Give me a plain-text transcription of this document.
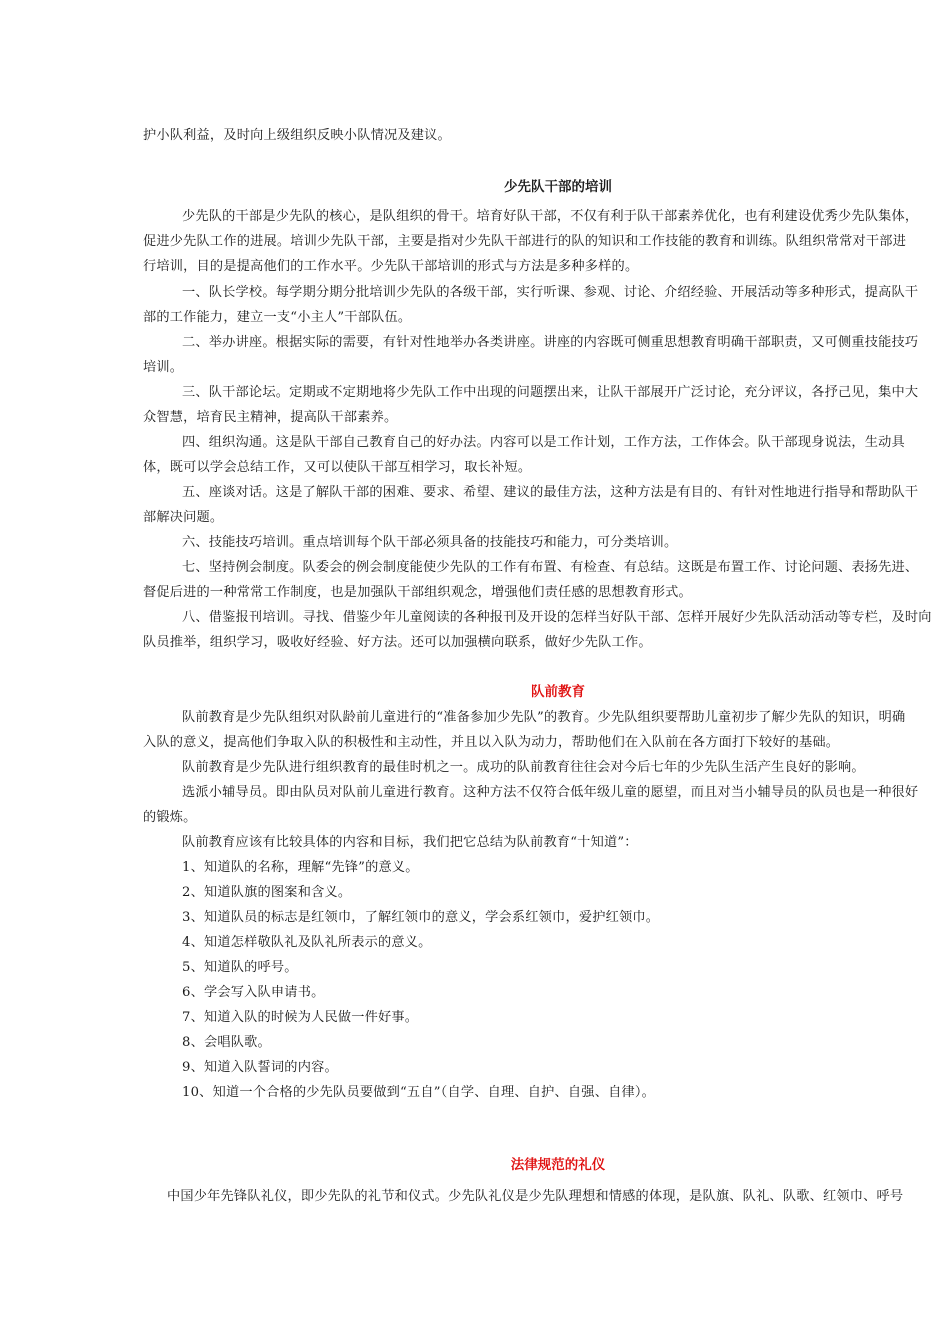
护小队利益，及时向上级组织反映小队情况及建议。
少先队干部的培训
少先队的干部是少先队的核心，是队组织的骨干。培育好队干部，不仅有利于队干部素养优化，也有利建设优秀少先队集体，
促进少先队工作的进展。培训少先队干部，主要是指对少先队干部进行的队的知识和工作技能的教育和训练。队组织常常对干部进
行培训，目的是提高他们的工作水平。少先队干部培训的形式与方法是多种多样的。
一、队长学校。每学期分期分批培训少先队的各级干部，实行听课、参观、讨论、介绍经验、开展活动等多种形式，提高队干
部的工作能力，建立一支“小主人”干部队伍。
二、举办讲座。根据实际的需要，有针对性地举办各类讲座。讲座的内容既可侧重思想教育明确干部职责，又可侧重技能技巧
培训。
三、队干部论坛。定期或不定期地将少先队工作中出现的问题摆出来，让队干部展开广泛讨论，充分评议，各抒己见，集中大
众智慧，培育民主精神，提高队干部素养。
四、组织沟通。这是队干部自己教育自己的好办法。内容可以是工作计划，工作方法，工作体会。队干部现身说法，生动具
体，既可以学会总结工作，又可以使队干部互相学习，取长补短。
五、座谈对话。这是了解队干部的困难、要求、希望、建议的最佳方法，这种方法是有目的、有针对性地进行指导和帮助队干
部解决问题。
六、技能技巧培训。重点培训每个队干部必须具备的技能技巧和能力，可分类培训。
七、坚持例会制度。队委会的例会制度能使少先队的工作有布置、有检查、有总结。这既是布置工作、讨论问题、表扬先进、
督促后进的一种常常工作制度，也是加强队干部组织观念，增强他们责任感的思想教育形式。
八、借鉴报刊培训。寻找、借鉴少年儿童阅读的各种报刊及开设的怎样当好队干部、怎样开展好少先队活动活动等专栏，及时向
队员推举，组织学习，吸收好经验、好方法。还可以加强横向联系，做好少先队工作。
队前教育
队前教育是少先队组织对队龄前儿童进行的“准备参加少先队”的教育。少先队组织要帮助儿童初步了解少先队的知识，明确
入队的意义，提高他们争取入队的积极性和主动性，并且以入队为动力，帮助他们在入队前在各方面打下较好的基础。
队前教育是少先队进行组织教育的最佳时机之一。成功的队前教育往往会对今后七年的少先队生活产生良好的影响。
选派小辅导员。即由队员对队前儿童进行教育。这种方法不仅符合低年级儿童的愿望，而且对当小辅导员的队员也是一种很好
的锻炼。
队前教育应该有比较具体的内容和目标，我们把它总结为队前教育“十知道”：
1、知道队的名称，理解“先锋”的意义。
2、知道队旗的图案和含义。
3、知道队员的标志是红领巾，了解红领巾的意义，学会系红领巾，爱护红领巾。
4、知道怎样敬队礼及队礼所表示的意义。
5、知道队的呼号。
6、学会写入队申请书。
7、知道入队的时候为人民做一件好事。
8、会唱队歌。
9、知道入队誓词的内容。
10、知道一个合格的少先队员要做到“五自”（自学、自理、自护、自强、自律）。
法律规范的礼仪
中国少年先锋队礼仪，即少先队的礼节和仪式。少先队礼仪是少先队理想和情感的体现，是队旗、队礼、队歌、红领巾、呼号
